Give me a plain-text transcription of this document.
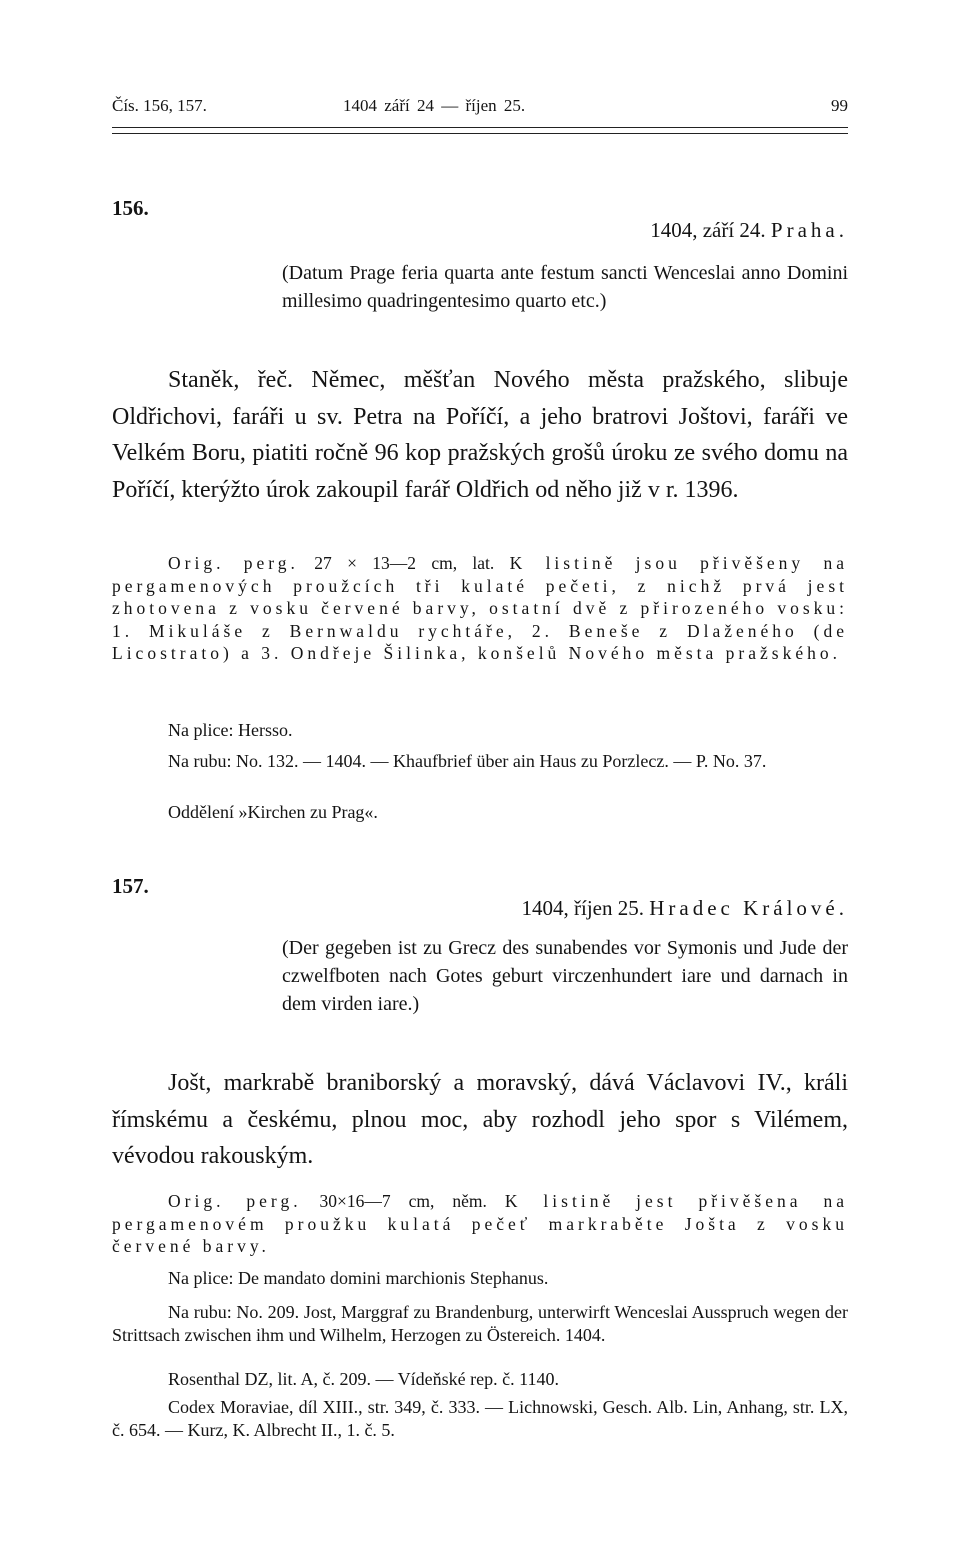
Čís. 156, 157.	1404 září 24 — říjen 25.	99
156.
1404, září 24. Praha.
(Datum Prage feria quarta ante festum sancti Wenceslai anno Domini millesimo quadringentesimo quarto etc.)
Staněk, řeč. Němec, měšťan Nového města pražského, slibuje Oldřichovi, faráři u sv. Petra na Poříčí, a jeho bratrovi Joštovi, faráři ve Velkém Boru, piatiti ročně 96 kop pražských grošů úroku ze svého domu na Poříčí, kterýžto úrok zakoupil farář Oldřich od něho již v r. 1396.
Orig. perg. 27 × 13—2 cm, lat. K listině jsou přivěšeny na pergamenových proužcích tři kulaté pečeti, z nichž prvá jest zhotovena z vosku červené barvy, ostatní dvě z přirozeného vosku: 1. Mikuláše z Bernwaldu rychtáře, 2. Beneše z Dlaženého (de Licostrato) a 3. Ondřeje Šilinka, konšelů Nového města pražského.
Na plice: Hersso.
Na rubu: No. 132. — 1404. — Khaufbrief über ain Haus zu Porzlecz. — P. No. 37.
Oddělení »Kirchen zu Prag«.
157.
1404, říjen 25. Hradec Králové.
(Der gegeben ist zu Grecz des sunabendes vor Symonis und Jude der czwelfboten nach Gotes geburt virczenhundert iare und darnach in dem virden iare.)
Jošt, markrabě braniborský a moravský, dává Václavovi IV., králi římskému a českému, plnou moc, aby rozhodl jeho spor s Vilémem, vévodou rakouským.
Orig. perg. 30×16—7 cm, něm. K listině jest přivěšena na pergamenovém proužku kulatá pečeť markraběte Jošta z vosku červené barvy.
Na plice: De mandato domini marchionis Stephanus.
Na rubu: No. 209. Jost, Marggraf zu Brandenburg, unterwirft Wenceslai Ausspruch wegen der Strittsach zwischen ihm und Wilhelm, Herzogen zu Östereich. 1404.
Rosenthal DZ, lit. A, č. 209. — Vídeňské rep. č. 1140.
Codex Moraviae, díl XIII., str. 349, č. 333. — Lichnowski, Gesch. Alb. Lin, Anhang, str. LX, č. 654. — Kurz, K. Albrecht II., 1. č. 5.
